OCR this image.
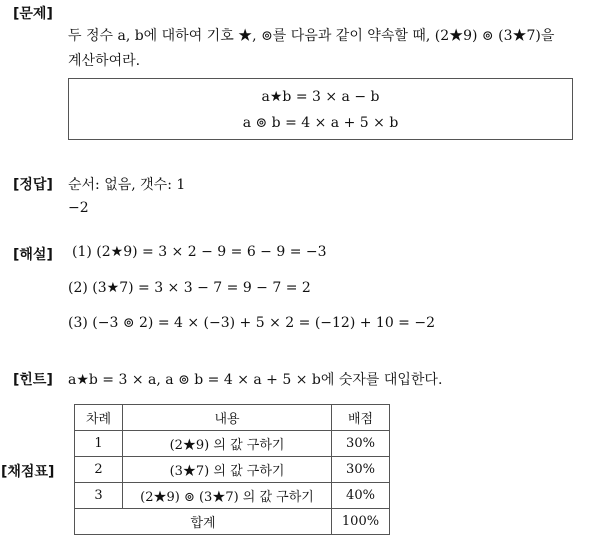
[문제]
두 정수 a, b에 대하여 기호 ★, ⊚를 다음과 같이 약속할 때, (2★9) ⊚ (3★7)을
계산하여라.
a★b = 3 × a − b
a ⊚ b = 4 × a + 5 × b
[정답] 순서: 없음, 갯수: 1
−2
[해설] (1) (2★9) = 3 × 2 − 9 = 6 − 9 = −3
(2) (3★7) = 3 × 3 − 7 = 9 − 7 = 2
(3) (−3 ⊚ 2) = 4 × (−3) + 5 × 2 = (−12) + 10 = −2
[힌트] a★b = 3 × a, a ⊚ b = 4 × a + 5 × b에 숫자를 대입한다.
[채점표]
차례	내용	배점
1	(2★9) 의 값 구하기	30%
2	(3★7) 의 값 구하기	30%
3	(2★9) ⊚ (3★7) 의 값 구하기	40%
합계		100%
